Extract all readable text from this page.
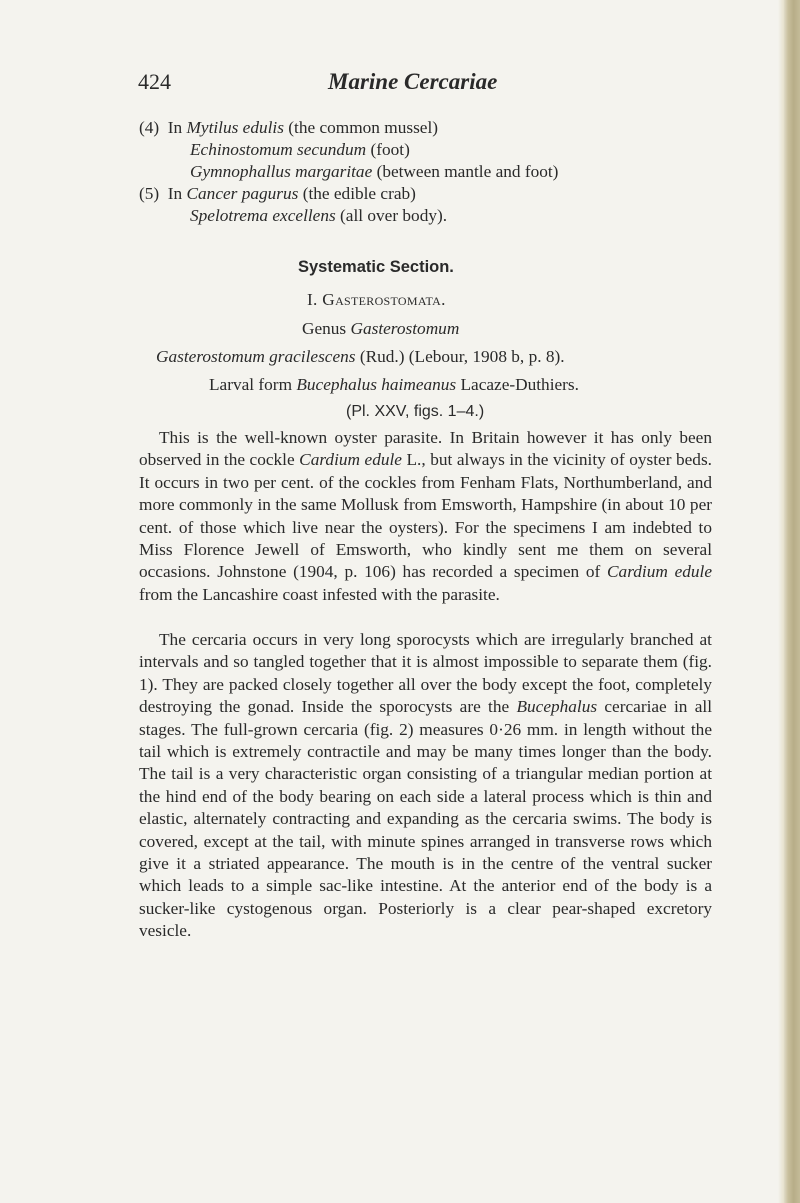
424	Marine Cercariae
(4) In Mytilus edulis (the common mussel)
Echinostomum secundum (foot)
Gymnophallus margaritae (between mantle and foot)
(5) In Cancer pagurus (the edible crab)
Spelotrema excellens (all over body).
Systematic Section.
I. Gasterostomata.
Genus Gasterostomum
Gasterostomum gracilescens (Rud.) (Lebour, 1908 b, p. 8).
Larval form Bucephalus haimeanus Lacaze-Duthiers.
(Pl. XXV, figs. 1–4.)
This is the well-known oyster parasite. In Britain however it has only been observed in the cockle Cardium edule L., but always in the vicinity of oyster beds. It occurs in two per cent. of the cockles from Fenham Flats, Northumberland, and more commonly in the same Mollusk from Emsworth, Hampshire (in about 10 per cent. of those which live near the oysters). For the specimens I am indebted to Miss Florence Jewell of Emsworth, who kindly sent me them on several occasions. Johnstone (1904, p. 106) has recorded a specimen of Cardium edule from the Lancashire coast infested with the parasite.
The cercaria occurs in very long sporocysts which are irregularly branched at intervals and so tangled together that it is almost impossible to separate them (fig. 1). They are packed closely together all over the body except the foot, completely destroying the gonad. Inside the sporocysts are the Bucephalus cercariae in all stages. The full-grown cercaria (fig. 2) measures 0·26 mm. in length without the tail which is extremely contractile and may be many times longer than the body. The tail is a very characteristic organ consisting of a triangular median portion at the hind end of the body bearing on each side a lateral process which is thin and elastic, alternately contracting and expanding as the cercaria swims. The body is covered, except at the tail, with minute spines arranged in transverse rows which give it a striated appearance. The mouth is in the centre of the ventral sucker which leads to a simple sac-like intestine. At the anterior end of the body is a sucker-like cystogenous organ. Posteriorly is a clear pear-shaped excretory vesicle.
